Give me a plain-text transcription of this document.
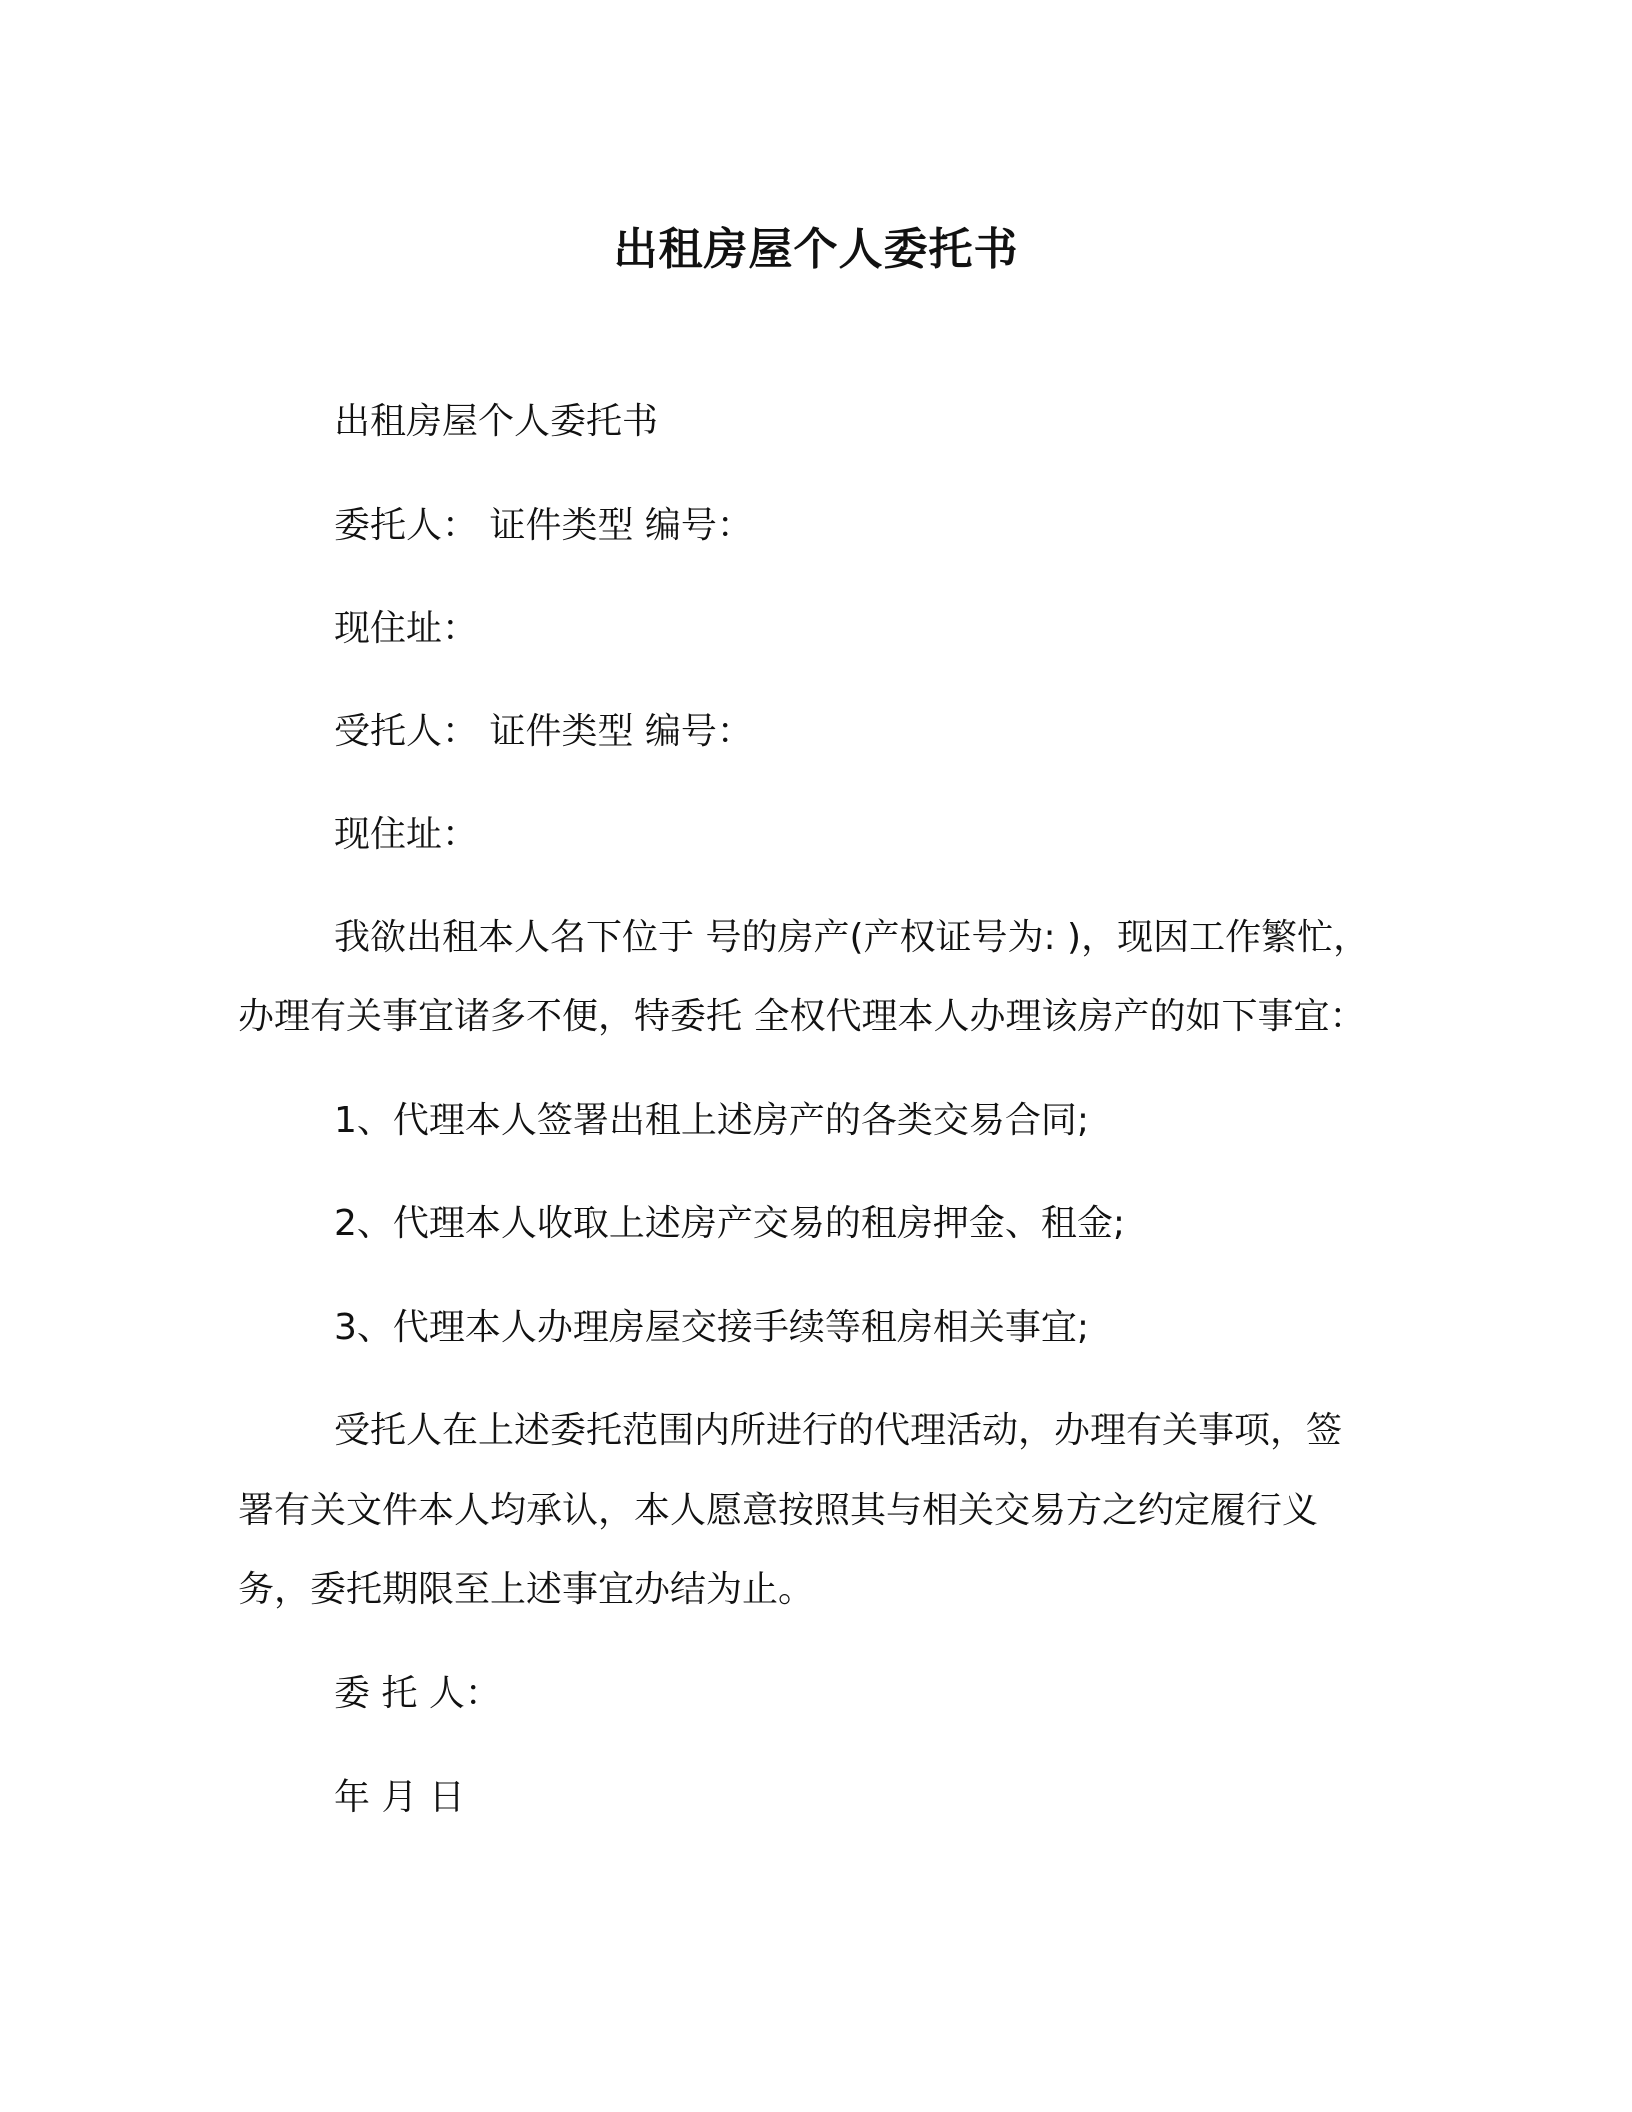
出租房屋个人委托书
出租房屋个人委托书
委托人： 证件类型 编号：
现住址：
受托人： 证件类型 编号：
现住址：
我欲出租本人名下位于 号的房产(产权证号为: )，现因工作繁忙，
办理有关事宜诸多不便，特委托 全权代理本人办理该房产的如下事宜：
1、代理本人签署出租上述房产的各类交易合同;
2、代理本人收取上述房产交易的租房押金、租金;
3、代理本人办理房屋交接手续等租房相关事宜;
受托人在上述委托范围内所进行的代理活动，办理有关事项，签
署有关文件本人均承认，本人愿意按照其与相关交易方之约定履行义
务，委托期限至上述事宜办结为止。
委 托 人：
年 月 日
